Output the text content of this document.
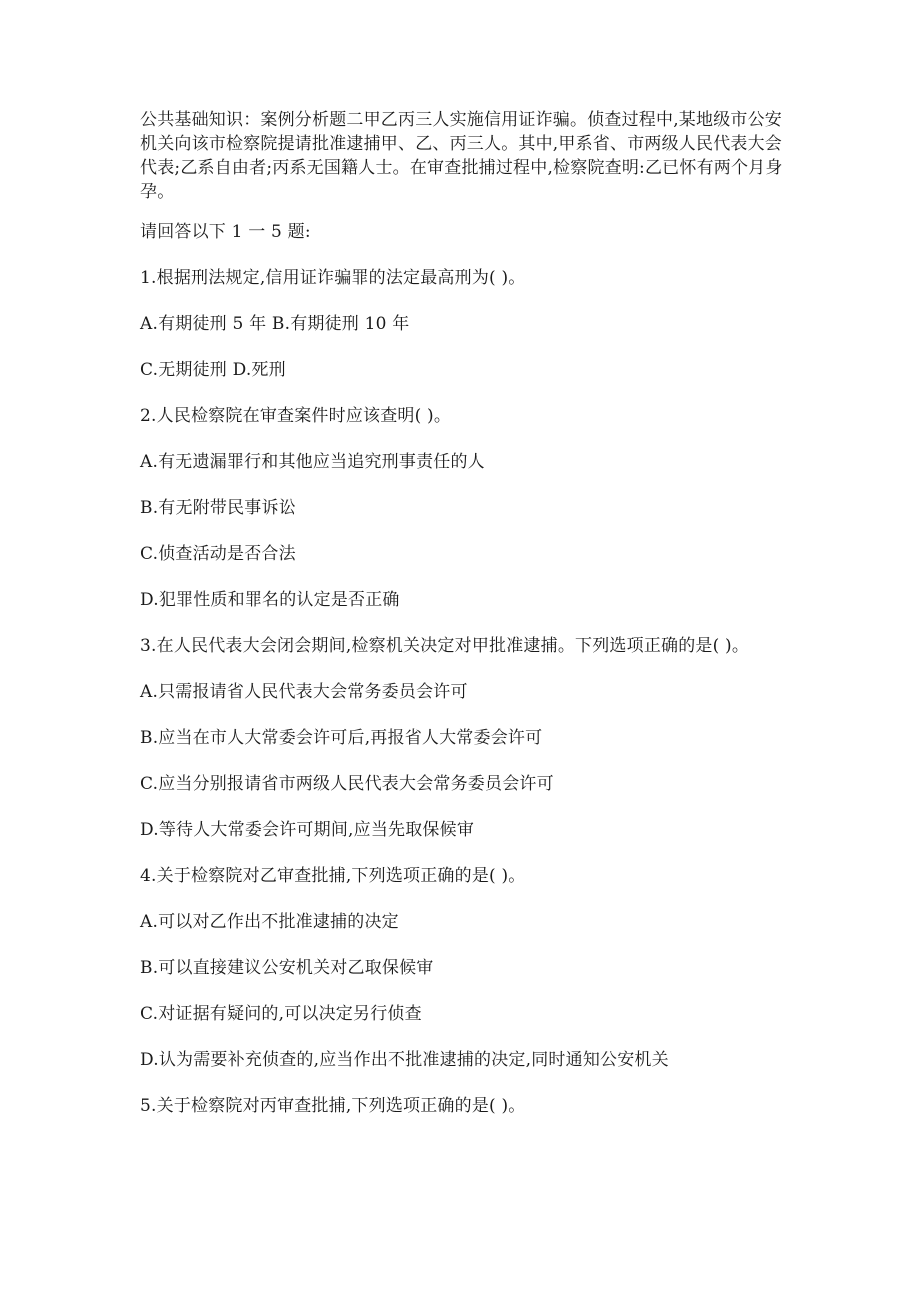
公共基础知识：案例分析题二甲乙丙三人实施信用证诈骗。侦查过程中,某地级市公安机关向该市检察院提请批准逮捕甲、乙、丙三人。其中,甲系省、市两级人民代表大会代表;乙系自由者;丙系无国籍人士。在审查批捕过程中,检察院查明:乙已怀有两个月身孕。

请回答以下 1 一 5 题:

1.根据刑法规定,信用证诈骗罪的法定最高刑为( )。

A.有期徒刑 5 年 B.有期徒刑 10 年

C.无期徒刑 D.死刑

2.人民检察院在审查案件时应该查明( )。

A.有无遗漏罪行和其他应当追究刑事责任的人

B.有无附带民事诉讼

C.侦查活动是否合法

D.犯罪性质和罪名的认定是否正确

3.在人民代表大会闭会期间,检察机关决定对甲批准逮捕。下列选项正确的是( )。

A.只需报请省人民代表大会常务委员会许可

B.应当在市人大常委会许可后,再报省人大常委会许可

C.应当分别报请省市两级人民代表大会常务委员会许可

D.等待人大常委会许可期间,应当先取保候审

4.关于检察院对乙审查批捕,下列选项正确的是( )。

A.可以对乙作出不批准逮捕的决定

B.可以直接建议公安机关对乙取保候审

C.对证据有疑问的,可以决定另行侦查

D.认为需要补充侦查的,应当作出不批准逮捕的决定,同时通知公安机关

5.关于检察院对丙审查批捕,下列选项正确的是( )。
